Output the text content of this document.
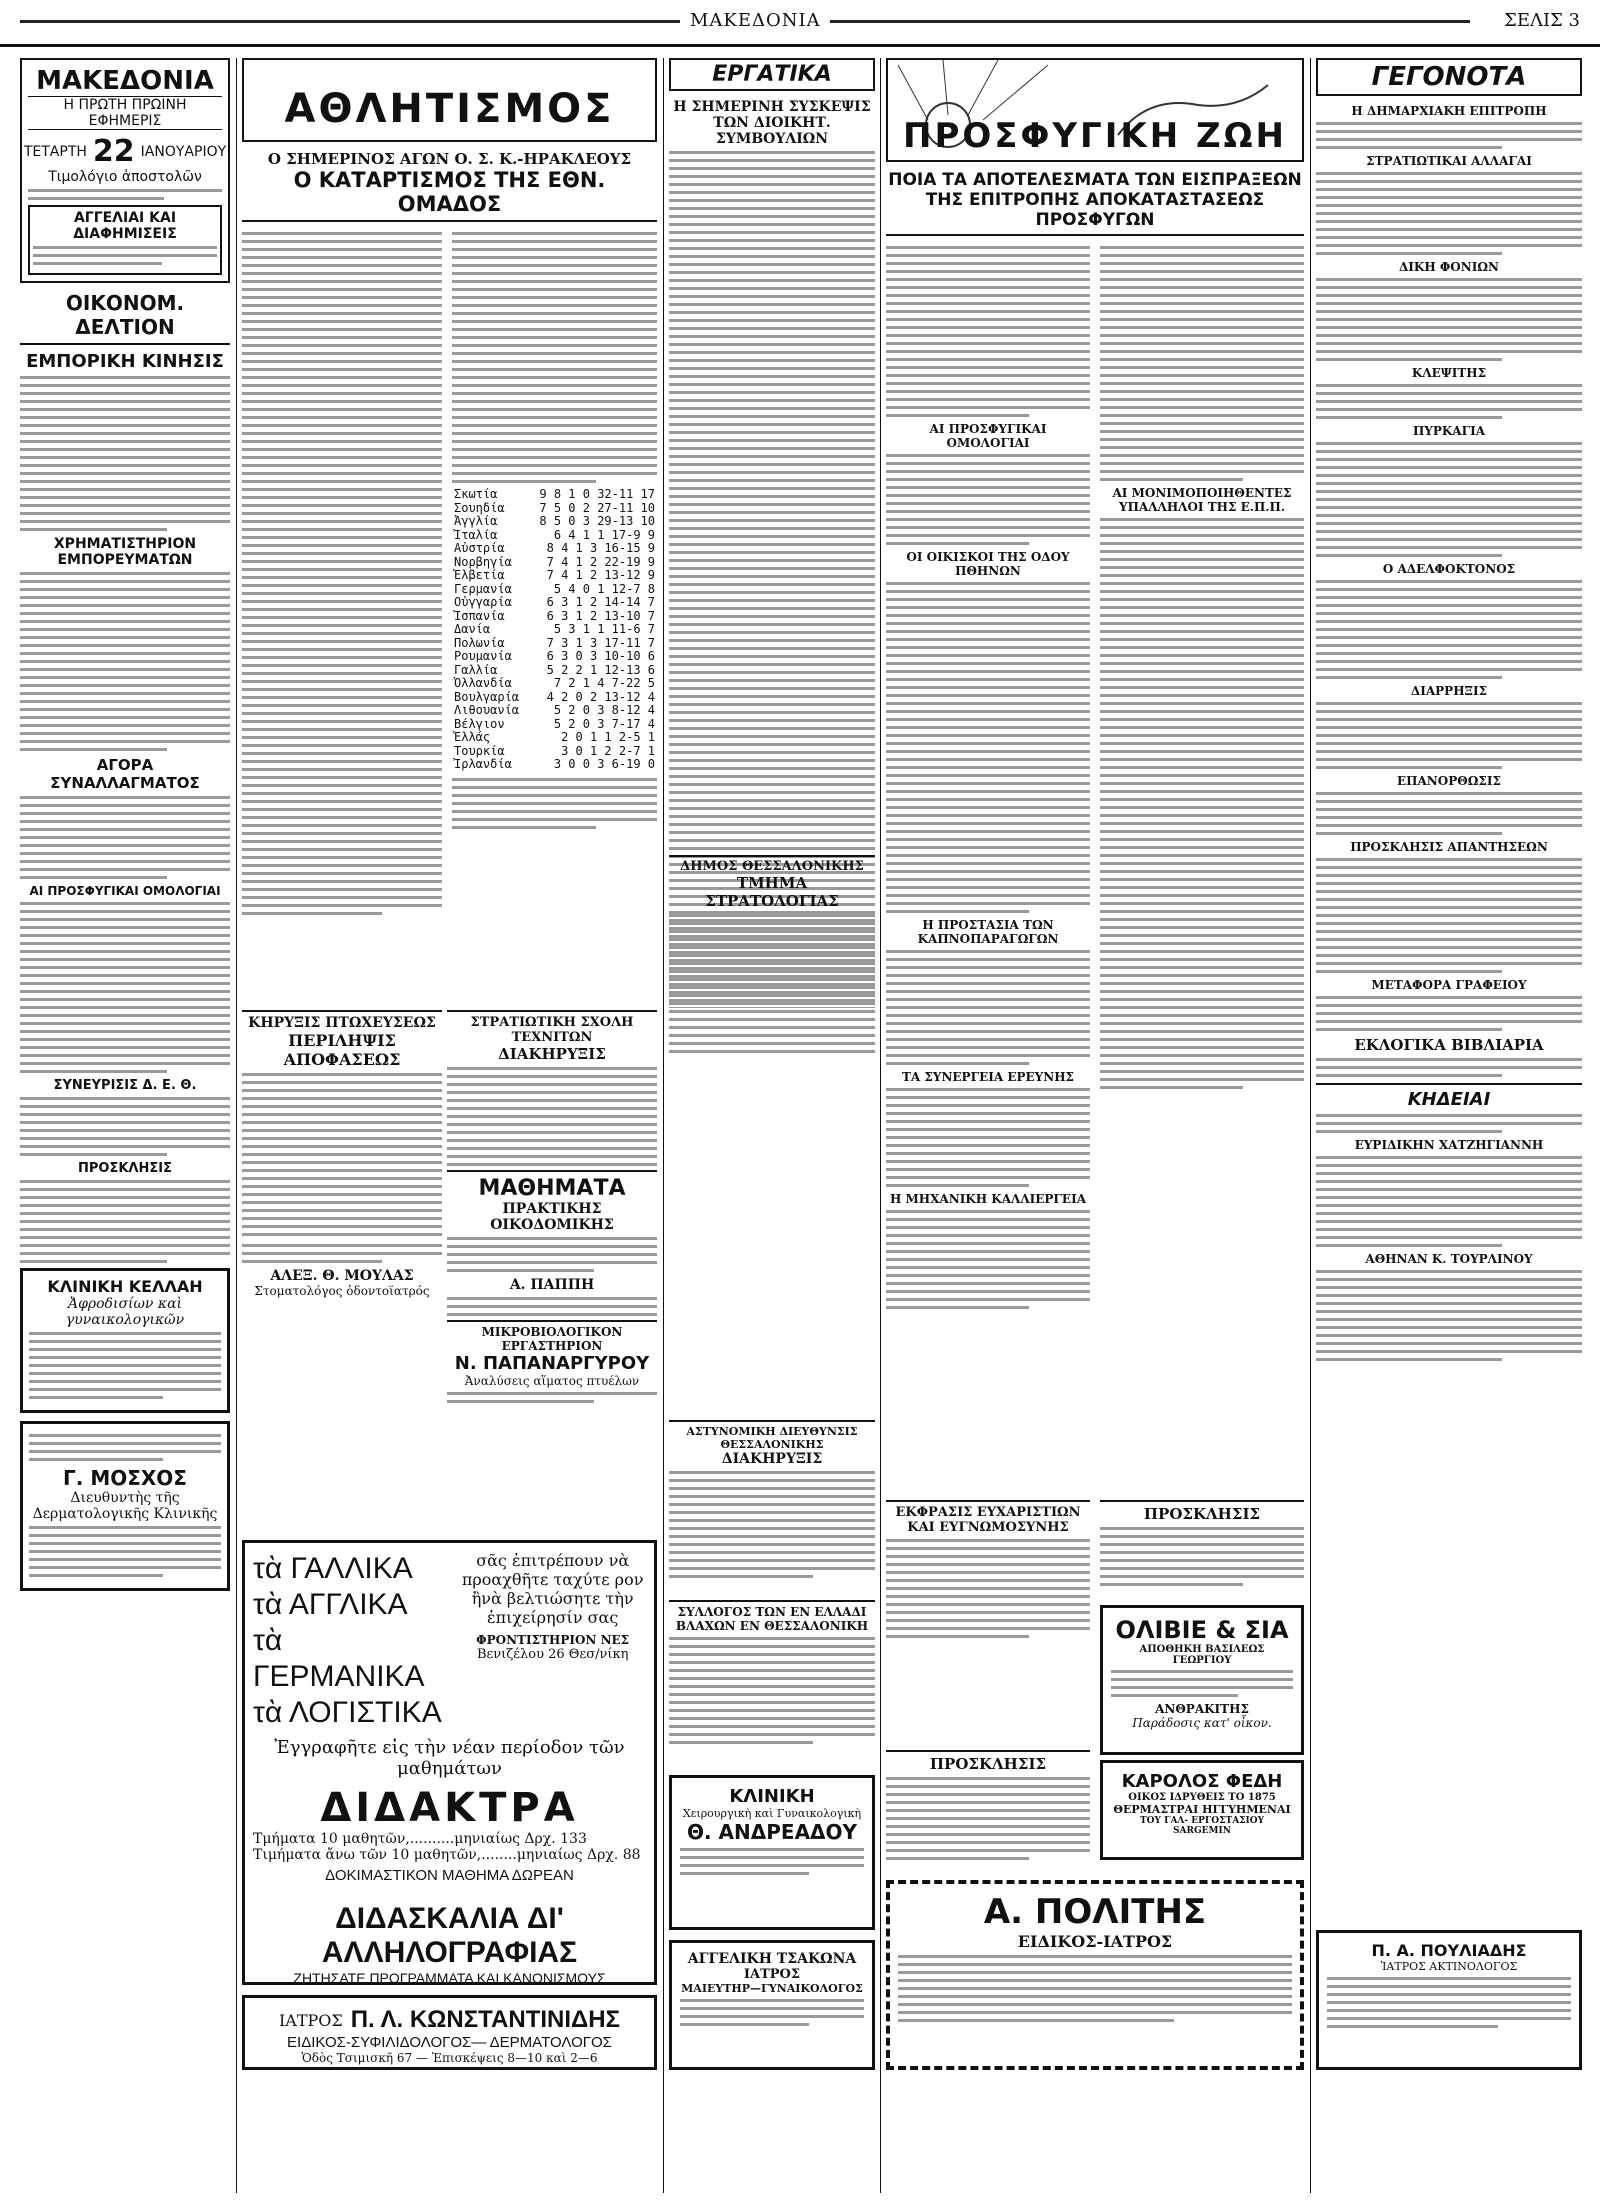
ΜΑΚΕΔΟΝΙΑ	ΣΕΛΙΣ 3
ΜΑΚΕΔΟΝΙΑ
Η ΠΡΩΤΗ ΠΡΩΙΝΗ ΕΦΗΜΕΡΙΣ
ΤΕΤΑΡΤΗ 22 ΙΑΝΟΥΑΡΙΟΥ
Τιμολόγιο ἀποστολῶν
ΑΓΓΕΛΙΑΙ ΚΑΙ ΔΙΑΦΗΜΙΣΕΙΣ
ΟΙΚΟΝΟΜ. ΔΕΛΤΙΟΝ
ΕΜΠΟΡΙΚΗ ΚΙΝΗΣΙΣ
ΧΡΗΜΑΤΙΣΤΗΡΙΟΝ ΕΜΠΟΡΕΥΜΑΤΩΝ
ΑΓΟΡΑ ΣΥΝΑΛΛΑΓΜΑΤΟΣ
ΑΙ ΠΡΟΣΦΥΓΙΚΑΙ ΟΜΟΛΟΓΙΑΙ
ΣΥΝΕΥΡΙΣΙΣ Δ. Ε. Θ.
ΠΡΟΣΚΛΗΣΙΣ
ΚΛΙΝΙΚΗ ΚΕΛΛΑΗ
Ἀφροδισίων καὶ γυναικολογικῶν
Γ. ΜΟΣΧΟΣ
Διευθυντὴς τῆς Δερματολογικῆς Κλινικῆς
ΑΘΛΗΤΙΣΜΟΣ
Ο ΣΗΜΕΡΙΝΟΣ ΑΓΩΝ Ο. Σ. Κ.-ΗΡΑΚΛΕΟΥΣ
Ο ΚΑΤΑΡΤΙΣΜΟΣ ΤΗΣ ΕΘΝ. ΟΜΑΔΟΣ
Σκωτία	9 8 1 0 32-11 17
Σουηδία	7 5 0 2 27-11 10
Ἀγγλία	8 5 0 3 29-13 10
Ἰταλία	6 4 1 1 17-9 9
Αὐστρία	8 4 1 3 16-15 9
Νορβηγία	7 4 1 2 22-19 9
Ἑλβετία	7 4 1 2 13-12 9
Γερμανία	5 4 0 1 12-7 8
Οὐγγαρία	6 3 1 2 14-14 7
Ἰσπανία	6 3 1 2 13-10 7
Δανία	5 3 1 1 11-6 7
Πολωνία	7 3 1 3 17-11 7
Ρουμανία	6 3 0 3 10-10 6
Γαλλία	5 2 2 1 12-13 6
Ὀλλανδία	7 2 1 4 7-22 5
Βουλγαρία	4 2 0 2 13-12 4
Λιθουανία	5 2 0 3 8-12 4
Βέλγιον	5 2 0 3 7-17 4
Ἑλλάς	2 0 1 1 2-5 1
Τουρκία	3 0 1 2 2-7 1
Ἰρλανδία	3 0 0 3 6-19 0
ΚΗΡΥΞΙΣ ΠΤΩΧΕΥΣΕΩΣ
ΠΕΡΙΛΗΨΙΣ ΑΠΟΦΑΣΕΩΣ
ΣΤΡΑΤΙΩΤΙΚΗ ΣΧΟΛΗ ΤΕΧΝΙΤΩΝ
ΔΙΑΚΗΡΥΞΙΣ
ΜΑΘΗΜΑΤΑ
ΠΡΑΚΤΙΚΗΣ ΟΙΚΟΔΟΜΙΚΗΣ
Α. ΠΑΠΠΗ
ΑΛΕΞ. Θ. ΜΟΥΛΑΣ
Στοματολόγος ὀδοντοϊατρός
ΜΙΚΡΟΒΙΟΛΟΓΙΚΟΝ ΕΡΓΑΣΤΗΡΙΟΝ
Ν. ΠΑΠΑΝΑΡΓΥΡΟΥ
Ἀναλύσεις αἵματος πτυέλων
τὰ ΓΑΛΛΙΚΑ
τὰ ΑΓΓΛΙΚΑ
τὰ ΓΕΡΜΑΝΙΚΑ
τὰ ΛΟΓΙΣΤΙΚΑ
σᾶς ἐπιτρέπουν νὰ προαχθῆτε ταχύτε ρον ἢνὰ βελτιώσητε τὴν ἐπιχείρησίν σας
ΦΡΟΝΤΙΣΤΗΡΙΟΝ ΝΕΣ
Βενιζέλου 26 Θεσ/νίκη
Ἐγγραφῆτε εἰς τὴν νέαν περίοδον τῶν μαθημάτων
ΔΙΔΑΚΤΡΑ
Τμήματα 10 μαθητῶν,..........μηνιαίως Δρχ. 133
Τιμήματα ἄνω τῶν 10 μαθητῶν,........μηνιαίως Δρχ. 88
ΔΟΚΙΜΑΣΤΙΚΟΝ ΜΑΘΗΜΑ ΔΩΡΕΑΝ
ΔΙΔΑΣΚΑΛΙΑ ΔΙ' ΑΛΛΗΛΟΓΡΑΦΙΑΣ
ΖΗΤΗΣΑΤΕ ΠΡΟΓΡΑΜΜΑΤΑ ΚΑΙ ΚΑΝΟΝΙΣΜΟΥΣ
ΙΑΤΡΟΣ Π. Λ. ΚΩΝΣΤΑΝΤΙΝΙΔΗΣ
ΕΙΔΙΚΟΣ-ΣΥΦΙΛΙΔΟΛΟΓΟΣ— ΔΕΡΜΑΤΟΛΟΓΟΣ
Ὁδὸς Τσιμισκῆ 67 — Ἐπισκέψεις 8—10 καὶ 2—6
ΕΡΓΑΤΙΚΑ
Η ΣΗΜΕΡΙΝΗ ΣΥΣΚΕΨΙΣ ΤΩΝ ΔΙΟΙΚΗΤ. ΣΥΜΒΟΥΛΙΩΝ
ΔΗΜΟΣ ΘΕΣΣΑΛΟΝΙΚΗΣ
ΤΜΗΜΑ ΣΤΡΑΤΟΛΟΓΙΑΣ
ΑΣΤΥΝΟΜΙΚΗ ΔΙΕΥΘΥΝΣΙΣ ΘΕΣΣΑΛΟΝΙΚΗΣ
ΔΙΑΚΗΡΥΞΙΣ
ΣΥΛΛΟΓΟΣ ΤΩΝ ΕΝ ΕΛΛΑΔΙ ΒΛΑΧΩΝ ΕΝ ΘΕΣΣΑΛΟΝΙΚΗ
ΚΛΙΝΙΚΗ
Χειρουργικὴ καὶ Γυναικολογικὴ
Θ. ΑΝΔΡΕΑΔΟΥ
ΑΓΓΕΛΙΚΗ ΤΣΑΚΩΝΑ
ΙΑΤΡΟΣ
ΜΑΙΕΥΤΗΡ—ΓΥΝΑΙΚΟΛΟΓΟΣ
ΠΡΟΣΦΥΓΙΚΗ ΖΩΗ
ΠΟΙΑ ΤΑ ΑΠΟΤΕΛΕΣΜΑΤΑ ΤΩΝ ΕΙΣΠΡΑΞΕΩΝ ΤΗΣ ΕΠΙΤΡΟΠΗΣ ΑΠΟΚΑΤΑΣΤΑΣΕΩΣ ΠΡΟΣΦΥΓΩΝ
ΑΙ ΠΡΟΣΦΥΓΙΚΑΙ ΟΜΟΛΟΓΙΑΙ
ΟΙ ΟΙΚΙΣΚΟΙ ΤΗΣ ΟΔΟΥ ΠΘΗΝΩΝ
Η ΠΡΟΣΤΑΣΙΑ ΤΩΝ ΚΑΠΝΟΠΑΡΑΓΩΓΩΝ
ΤΑ ΣΥΝΕΡΓΕΙΑ ΕΡΕΥΝΗΣ
Η ΜΗΧΑΝΙΚΗ ΚΑΛΛΙΕΡΓΕΙΑ
ΑΙ ΜΟΝΙΜΟΠΟΙΗΘΕΝΤΕΣ
ΥΠΑΛΛΗΛΟΙ ΤΗΣ Ε.Π.Π.
ΕΚΦΡΑΣΙΣ ΕΥΧΑΡΙΣΤΙΩΝ
ΚΑΙ ΕΥΓΝΩΜΟΣΥΝΗΣ
ΠΡΟΣΚΛΗΣΙΣ
ΠΡΟΣΚΛΗΣΙΣ
ΟΛΙΒΙΕ & ΣΙΑ
ΑΠΟΘΗΚΗ ΒΑΣΙΛΕΩΣ ΓΕΩΡΓΙΟΥ
ΑΝΘΡΑΚΙΤΗΣ
Παράδοσις κατ' οἶκον.
ΚΑΡΟΛΟΣ ΦΕΔΗ
ΟΙΚΟΣ ΙΔΡΥΘΕΙΣ ΤΟ 1875
ΘΕΡΜΑΣΤΡΑΙ ΗΓΓΥΗΜΕΝΑΙ
ΤΟΥ ΓΑΛ- ΕΡΓΟΣΤΑΣΙΟΥ SARGEMIN
Α. ΠΟΛΙΤΗΣ
ΕΙΔΙΚΟΣ-ΙΑΤΡΟΣ
ΓΕΓΟΝΟΤΑ
Η ΔΗΜΑΡΧΙΑΚΗ ΕΠΙΤΡΟΠΗ
ΣΤΡΑΤΙΩΤΙΚΑΙ ΑΛΛΑΓΑΙ
ΔΙΚΗ ΦΟΝΙΩΝ
ΚΛΕΨΙΤΗΣ
ΠΥΡΚΑΓΙΑ
Ο ΑΔΕΛΦΟΚΤΟΝΟΣ
ΔΙΑΡΡΗΞΙΣ
ΕΠΑΝΟΡΘΩΣΙΣ
ΠΡΟΣΚΛΗΣΙΣ ΑΠΑΝΤΗΣΕΩΝ
ΜΕΤΑΦΟΡΑ ΓΡΑΦΕΙΟΥ
ΕΚΛΟΓΙΚΑ ΒΙΒΛΙΑΡΙΑ
ΚΗΔΕΙΑΙ
ΕΥΡΙΔΙΚΗΝ ΧΑΤΖΗΓΙΑΝΝΗ
ΑΘΗΝΑΝ Κ. ΤΟΥΡΛΙΝΟΥ
Π. Α. ΠΟΥΛΙΑΔΗΣ
ἸΑΤΡΟΣ ΑΚΤΙΝΟΛΟΓΟΣ
